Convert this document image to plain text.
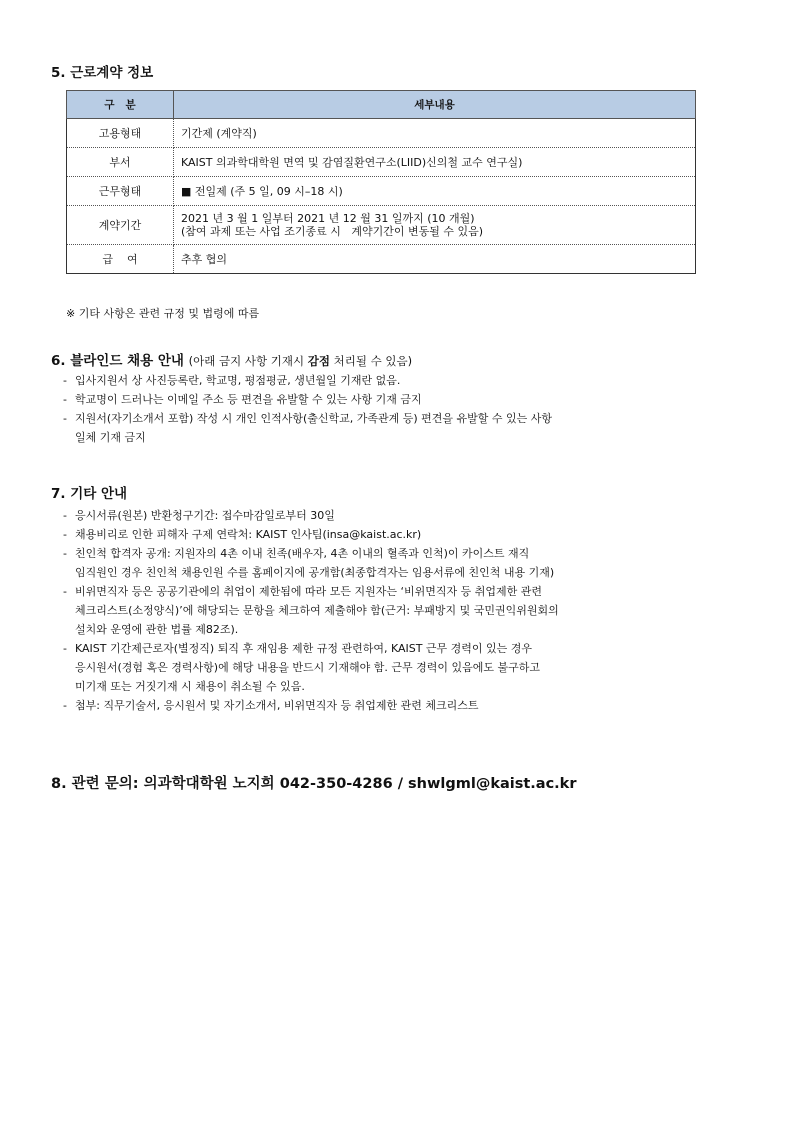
5. 근로계약 정보
구   분	세부내용
고용형태	기간제 (계약직)
부서	KAIST 의과학대학원 면역 및 감염질환연구소(LIID)신의철 교수 연구실)
근무형태	■ 전일제 (주 5 일, 09 시–18 시)
계약기간	2021 년 3 월 1 일부터 2021 년 12 월 31 일까지 (10 개월)
(참여 과제 또는 사업 조기종료 시   계약기간이 변동될 수 있음)

급    여	추후 협의
※ 기타 사항은 관련 규정 및 법령에 따름
6. 블라인드 채용 안내 (아래 금지 사항 기재시 감점 처리될 수 있음)
- 입사지원서 상 사진등록란, 학교명, 평점평균, 생년월일 기재란 없음.
- 학교명이 드러나는 이메일 주소 등 편견을 유발할 수 있는 사항 기재 금지
- 지원서(자기소개서 포함) 작성 시 개인 인적사항(출신학교, 가족관계 등) 편견을 유발할 수 있는 사항
일체 기재 금지
7. 기타 안내
- 응시서류(원본) 반환청구기간: 접수마감일로부터 30일
- 채용비리로 인한 피해자 구제 연락처: KAIST 인사팀(insa@kaist.ac.kr)
- 친인척 합격자 공개: 지원자의 4촌 이내 친족(배우자, 4촌 이내의 혈족과 인척)이 카이스트 재직
임직원인 경우 친인척 채용인원 수를 홈페이지에 공개함(최종합격자는 임용서류에 친인척 내용 기재)
- 비위면직자 등은 공공기관에의 취업이 제한됨에 따라 모든 지원자는 ‘비위면직자 등 취업제한 관련
체크리스트(소정양식)’에 해당되는 문항을 체크하여 제출해야 함(근거: 부패방지 및 국민권익위원회의
설치와 운영에 관한 법률 제82조).
- KAIST 기간제근로자(별정직) 퇴직 후 재임용 제한 규정 관련하여, KAIST 근무 경력이 있는 경우
응시원서(경험 혹은 경력사항)에 해당 내용을 반드시 기재해야 함. 근무 경력이 있음에도 불구하고
미기재 또는 거짓기재 시 채용이 취소될 수 있음.
- 첨부: 직무기술서, 응시원서 및 자기소개서, 비위면직자 등 취업제한 관련 체크리스트
8. 관련 문의: 의과학대학원 노지희 042-350-4286 / shwlgml@kaist.ac.kr
